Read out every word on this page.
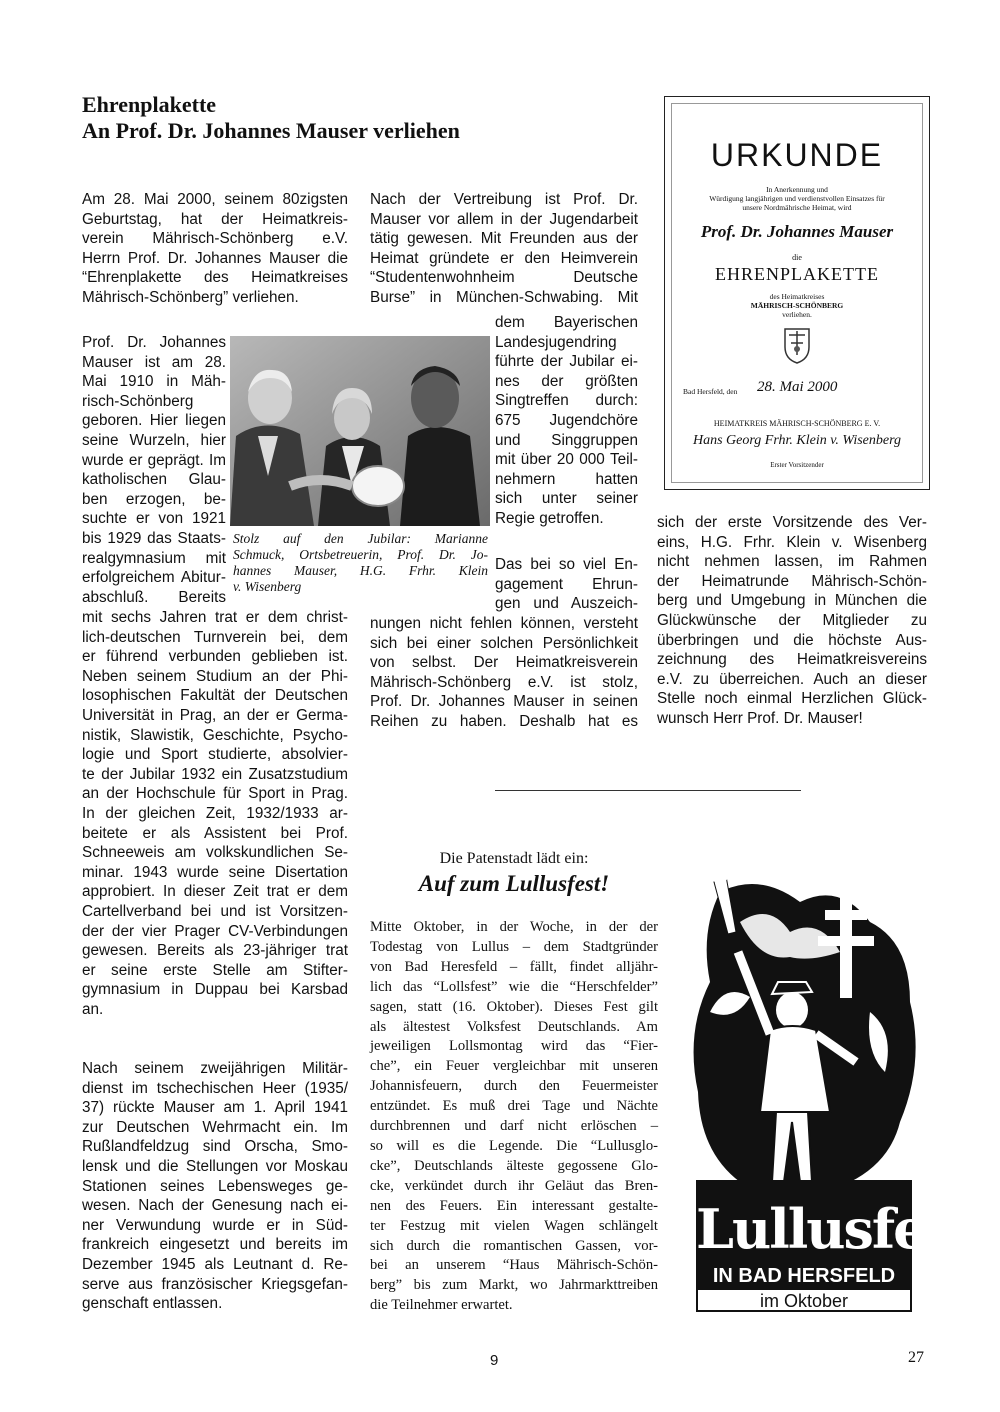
Ehrenplakette
An Prof. Dr. Johannes Mauser verliehen
Am 28. Mai 2000, seinem 80zigsten
Geburtstag, hat der Heimatkreis-
verein Mährisch-Schönberg e.V.
Herrn Prof. Dr. Johannes Mauser die
“Ehrenplakette des Heimatkreises
Mährisch-Schönberg” verliehen.
Prof. Dr. Johannes
Mauser ist am 28.
Mai 1910 in Mäh-
risch-Schönberg
geboren. Hier liegen
seine Wurzeln, hier
wurde er geprägt. Im
katholischen Glau-
ben erzogen, be-
suchte er von 1921
bis 1929 das Staats-
realgymnasium mit
erfolgreichem Abitur-
abschluß. Bereits
mit sechs Jahren trat er dem christ-
lich-deutschen Turnverein bei, dem
er führend verbunden geblieben ist.
Neben seinem Studium an der Phi-
losophischen Fakultät der Deutschen
Universität in Prag, an der er Germa-
nistik, Slawistik, Geschichte, Psycho-
logie und Sport studierte, absolvier-
te der Jubilar 1932 ein Zusatzstudium
an der Hochschule für Sport in Prag.
In der gleichen Zeit, 1932/1933 ar-
beitete er als Assistent bei Prof.
Schneeweis am volkskundlichen Se-
minar. 1943 wurde seine Disertation
approbiert. In dieser Zeit trat er dem
Cartellverband bei und ist Vorsitzen-
der der vier Prager CV-Verbindungen
gewesen. Bereits als 23-jähriger trat
er seine erste Stelle am Stifter-
gymnasium in Duppau bei Karsbad
an.
Nach seinem zweijährigen Militär-
dienst im tschechischen Heer (1935/
37) rückte Mauser am 1. April 1941
zur Deutschen Wehrmacht ein. Im
Rußlandfeldzug sind Orscha, Smo-
lensk und die Stellungen vor Moskau
Stationen seines Lebensweges ge-
wesen. Nach der Genesung nach ei-
ner Verwundung wurde er in Süd-
frankreich eingesetzt und bereits im
Dezember 1945 als Leutnant d. Re-
serve aus französischer Kriegsgefan-
genschaft entlassen.
Stolz auf den Jubilar: Marianne
Schmuck, Ortsbetreuerin, Prof. Dr. Jo-
hannes Mauser, H.G. Frhr. Klein
v. Wisenberg
Nach der Vertreibung ist Prof. Dr.
Mauser vor allem in der Jugendarbeit
tätig gewesen. Mit Freunden aus der
Heimat gründete er den Heimverein
“Studentenwohnheim Deutsche
Burse” in München-Schwabing. Mit
dem Bayerischen
Landesjugendring
führte der Jubilar ei-
nes der größten
Singtreffen durch:
675 Jugendchöre
und Singgruppen
mit über 20 000 Teil-
nehmern hatten
sich unter seiner
Regie getroffen.
Das bei so viel En-
gagement Ehrun-
gen und Auszeich-
nungen nicht fehlen können, versteht
sich bei einer solchen Persönlichkeit
von selbst. Der Heimatkreisverein
Mährisch-Schönberg e.V. ist stolz,
Prof. Dr. Johannes Mauser in seinen
Reihen zu haben. Deshalb hat es
URKUNDE
In Anerkennung und
Würdigung langjährigen und verdienstvollen Einsatzes für
unsere Nordmährische Heimat, wird
Prof. Dr. Johannes Mauser
die
EHRENPLAKETTE
des Heimatkreises
MÄHRISCH-SCHÖNBERG
verliehen.
Bad Hersfeld, den 28. Mai 2000
HEIMATKREIS MÄHRISCH-SCHÖNBERG E. V.
Hans Georg Frhr. Klein v. Wisenberg
Erster Vorsitzender
sich der erste Vorsitzende des Ver-
eins, H.G. Frhr. Klein v. Wisenberg
nicht nehmen lassen, im Rahmen
der Heimatrunde Mährisch-Schön-
berg und Umgebung in München die
Glückwünsche der Mitglieder zu
überbringen und die höchste Aus-
zeichnung des Heimatkreisvereins
e.V. zu überreichen. Auch an dieser
Stelle noch einmal Herzlichen Glück-
wunsch Herr Prof. Dr. Mauser!
Die Patenstadt lädt ein:
Auf zum Lullusfest!
Mitte Oktober, in der Woche, in der der
Todestag von Lullus – dem Stadtgründer
von Bad Heresfeld – fällt, findet alljähr-
lich das “Lollsfest” wie die “Herschfelder”
sagen, statt (16. Oktober). Dieses Fest gilt
als ältestest Volksfest Deutschlands. Am
jeweiligen Lollsmontag wird das “Fier-
che”, ein Feuer vergleichbar mit unseren
Johannisfeuern, durch den Feuermeister
entzündet. Es muß drei Tage und Nächte
durchbrennen und darf nicht erlöschen –
so will es die Legende. Die “Lullusglo-
cke”, Deutschlands älteste gegossene Glo-
cke, verkündet durch ihr Geläut das Bren-
nen des Feuers. Ein interessant gestalte-
ter Festzug mit vielen Wagen schlängelt
sich durch die romantischen Gassen, vor-
bei an unserem “Haus Mährisch-Schön-
berg” bis zum Markt, wo Jahrmarkttreiben
die Teilnehmer erwartet.
Lullusfest
IN BAD HERSFELD
im Oktober
9	27
